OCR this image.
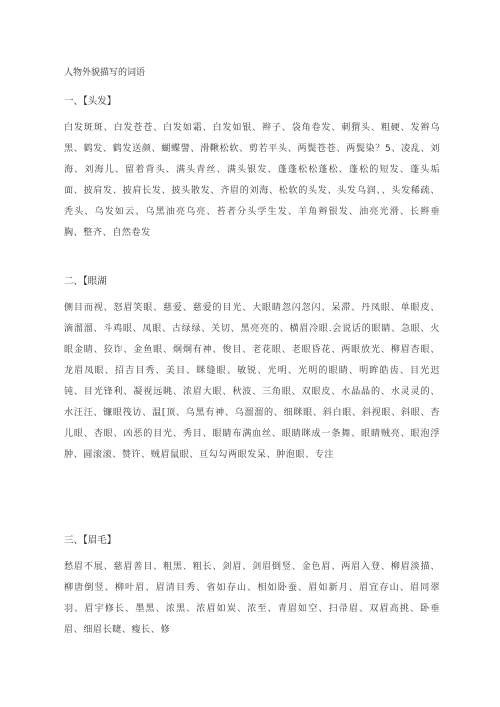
人物外貌描写的词语
一、【头发】
白发斑斑、白发苍苍、白发如霜、白发如银、辫子、袋角卷发、刺猬头、粗硬、发辫乌黑、鹤发、鹤发送颜、蝴蝶譬、滑鞦松软、剪若平头、两鬓苍苍、两鬓染？5、凌乱、刘海、刘海儿、留着背头、满头青丝、满头银发、蓬蓬松松蓬松、蓬松的短发、蓬头垢面、披肩发、披肩长发、披头散发、齐眉的刘海、松软的头发、头发乌润、、头发稀疏、秃头、乌发如云、乌黑油亮乌亮、苔者分头学生发、羊角辫银发、油亮光滑、长辫垂胸、整齐、自然卷发
二、【眼湖
侧目而视、怒眉笑眼、慈爱、慈爱的目光、大眼睛忽闪忽闪、呆滞、丹凤眼、单眼皮、滴溜溜、斗鸡眼、凤眼、古绿绿、关切、黑亮亮的、横眉冷眼.会说话的眼睛、急眼、火眼金睛、狡诈、金鱼眼、炯炯有神、俊目、老花眼、老眼昏花、两眼放光、柳眉杏眼、龙眉凤眼、招吉目秀、美目、眯缝眼、敏锐、光明、光明的眼睛、明眸皓齿、目光迟钝、目光锋利、凝视远眺、浓眉大眼、秋波、三角眼、双眼皮、水晶晶的、水灵灵的、水汪汪、镰眼筏访、温[顶、乌黑有神、乌溜溜的、细眯眼、斜白眼、斜视眼、斜眼、杏儿眼、杏眼、凶恶的目光、秀目、眼睛布满血丝、眼睛眯成一条舞、眼睛贼亮、眼泡浮肿、圆滚滚、赞许、贼眉鼠眼、亘勾勾两眼发呆、肿泡眼、专注
三、【眉毛】
愁眉不展、慈眉善目、粗黑、粗长、剑眉、剑眉倒竖、金色眉、两眉入登、柳眉淡描、柳唐倒竖、柳叶眉、眉清目秀、省如存山、相如卧蚕、眉如新月、眉宜存山、眉同翠羽、眉宇修长、墨黑、浓黑、浓眉如炭、浓至、青眉如空、扫帚眉、双眉高挑、卧垂眉、细眉长睫、瘦长、修
